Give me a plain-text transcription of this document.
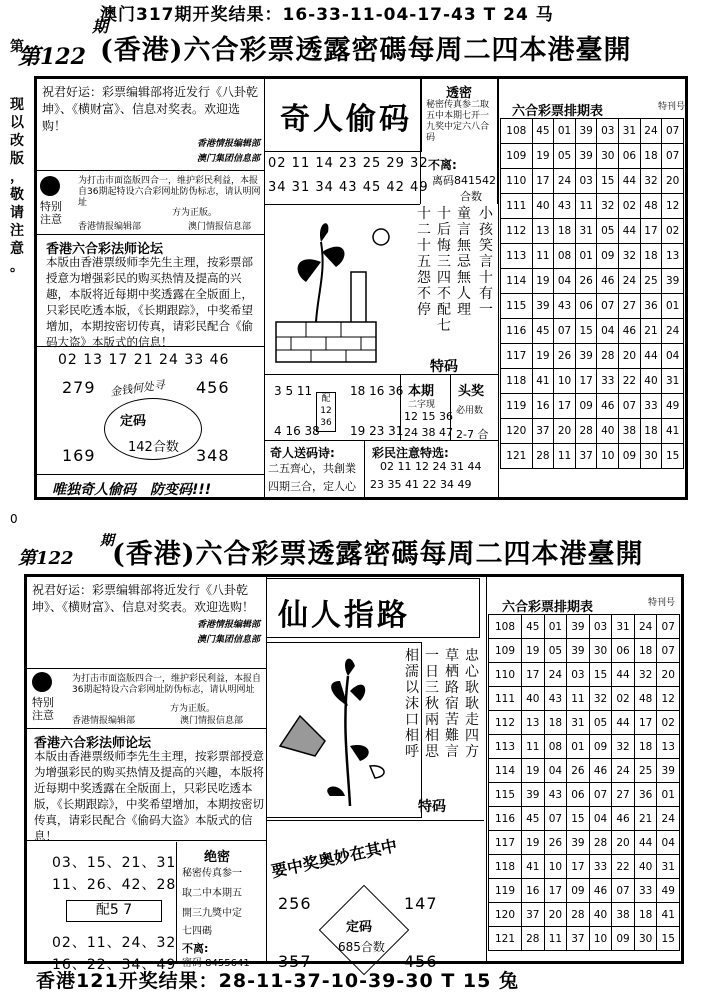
澳门317期开奖结果：16-33-11-04-17-43 T 24 马
第
现
以
改
版
，
敬
请
注
意
。
第122
期
(香港)六合彩票透露密碼每周二四本港臺開
祝君好运：彩票编辑部将近发行《八卦乾坤》、《横财富》、信息对奖表。欢迎选购！
香港情报编辑部
澳门集团信息部
特别注意
为打击市面盗版四合一，维护彩民利益，本报自36期起特设六合彩网址防伪标志，请认明网址
方为正版。
香港情报编辑部	澳门情报信息部
香港六合彩法师论坛
本版由香港票级师李先生主理，按彩票部授意为增强彩民的购买热情及提高的兴趣，本版将近每期中奖透露在全版面上，只彩民吃透本版，《长期跟踪》，中奖希望增加，本期按密切传真，请彩民配合《偷码大盗》本版式的信息！
02 13 17 21 24 33 46
279	456
169	348
金钱何处寻
定码
142合数
唯独奇人偷码　防变码!!!
奇人偷码
02 11 14 23 25 29 32
34 31 34 43 45 42 49
小孩笑言十有一
童言無忌無人理
十后悔三四不配七
十二十五怨不停
特码
透密
秘密传真参二取五中本期七开一九奖中定六八合码
不离:
离码841542
合数
3 5 11
4 16 38
配 12 36
18 16 36
19 23 31
本期
二字现
12 15 36
24 38 47
头奖
必用数
2-7 合
奇人送码诗:
二五齊心，共創業
四期三合，定人心
彩民注意特选:
02 11 12 24 31 44
23 35 41 22 34 49
六合彩票排期表	特刊号
108	45	01	39	03	31	24	07
109	19	05	39	30	06	18	07
110	17	24	03	15	44	32	20
111	40	43	11	32	02	48	12
112	13	18	31	05	44	17	02
113	11	08	01	09	32	18	13
114	19	04	26	46	24	25	39
115	39	43	06	07	27	36	01
116	45	07	15	04	46	21	24
117	19	26	39	28	20	44	04
118	41	10	17	33	22	40	31
119	16	17	09	46	07	33	49
120	37	20	28	40	38	18	41
121	28	11	37	10	09	30	15
0
第122
期
(香港)六合彩票透露密碼每周二四本港臺開
祝君好运：彩票编辑部将近发行《八卦乾坤》、《横财富》、信息对奖表。欢迎选购！
香港情报编辑部
澳门集团信息部
特别注意
为打击市面盗版四合一，维护彩民利益，本报自36期起特设六合彩网址防伪标志，请认明网址
方为正版。
香港情报编辑部	澳门情报信息部
香港六合彩法师论坛
本版由香港票级师李先生主理，按彩票部授意为增强彩民的购买热情及提高的兴趣，本版将近每期中奖透露在全版面上，只彩民吃透本版，《长期跟踪》，中奖希望增加，本期按密切传真，请彩民配合《偷码大盗》本版式的信息！
03、15、21、31
11、26、42、28
配5 7
02、11、24、32
16、22、34、49
绝密
秘密传真参一
取二中本期五
開三九獎中定
七四碼
不离:
密码 8455641
仙人指路
忠心耿耿走四方
草栖路宿苦難言
一日三秋兩相思
相濡以沫口相呼
特码
要中奖奥妙在其中
256	147
357	456
定码
685合数
六合彩票排期表	特刊号
108	45	01	39	03	31	24	07
109	19	05	39	30	06	18	07
110	17	24	03	15	44	32	20
111	40	43	11	32	02	48	12
112	13	18	31	05	44	17	02
113	11	08	01	09	32	18	13
114	19	04	26	46	24	25	39
115	39	43	06	07	27	36	01
116	45	07	15	04	46	21	24
117	19	26	39	28	20	44	04
118	41	10	17	33	22	40	31
119	16	17	09	46	07	33	49
120	37	20	28	40	38	18	41
121	28	11	37	10	09	30	15
香港121开奖结果：28-11-37-10-39-30 T 15 兔
